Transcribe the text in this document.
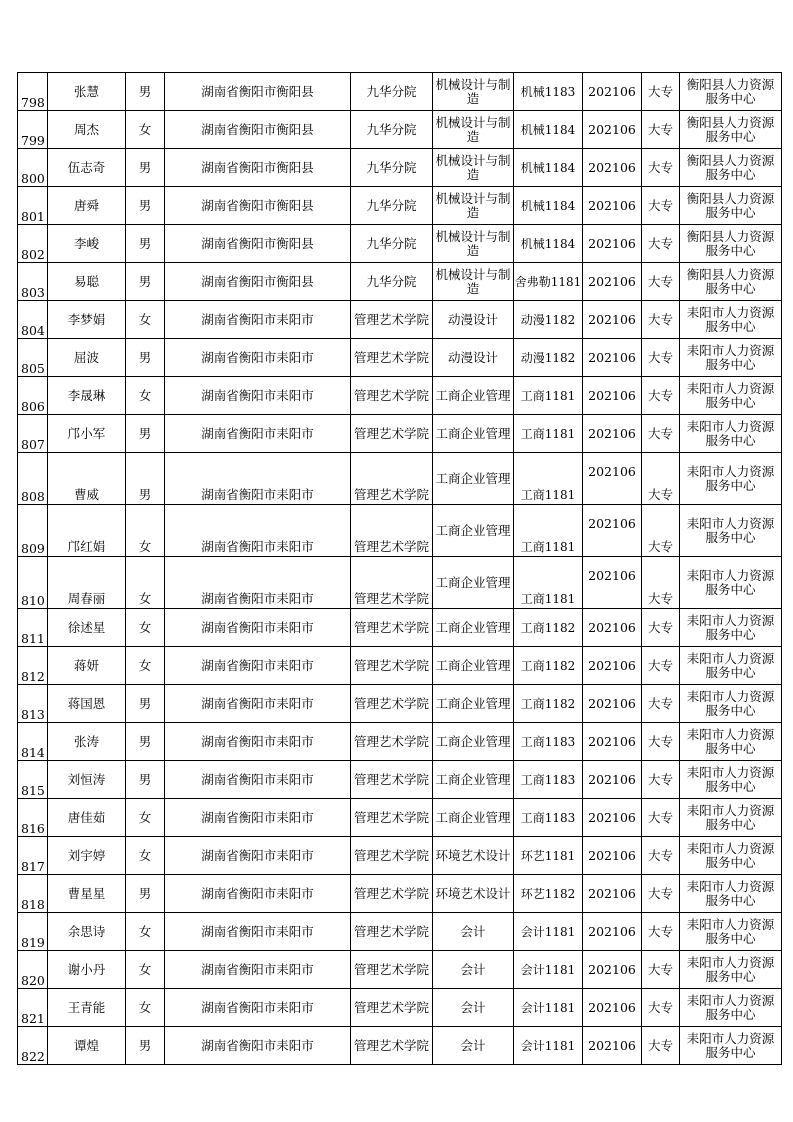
798	张慧	男	湖南省衡阳市衡阳县	九华分院	机械设计与制造	机械1183	202106	大专	衡阳县人力资源服务中心
799	周杰	女	湖南省衡阳市衡阳县	九华分院	机械设计与制造	机械1184	202106	大专	衡阳县人力资源服务中心
800	伍志奇	男	湖南省衡阳市衡阳县	九华分院	机械设计与制造	机械1184	202106	大专	衡阳县人力资源服务中心
801	唐舜	男	湖南省衡阳市衡阳县	九华分院	机械设计与制造	机械1184	202106	大专	衡阳县人力资源服务中心
802	李峻	男	湖南省衡阳市衡阳县	九华分院	机械设计与制造	机械1184	202106	大专	衡阳县人力资源服务中心
803	易聪	男	湖南省衡阳市衡阳县	九华分院	机械设计与制造	舍弗勒1181	202106	大专	衡阳县人力资源服务中心
804	李梦娟	女	湖南省衡阳市耒阳市	管理艺术学院	动漫设计	动漫1182	202106	大专	耒阳市人力资源服务中心
805	屈波	男	湖南省衡阳市耒阳市	管理艺术学院	动漫设计	动漫1182	202106	大专	耒阳市人力资源服务中心
806	李晟琳	女	湖南省衡阳市耒阳市	管理艺术学院	工商企业管理	工商1181	202106	大专	耒阳市人力资源服务中心
807	邝小军	男	湖南省衡阳市耒阳市	管理艺术学院	工商企业管理	工商1181	202106	大专	耒阳市人力资源服务中心
808	曹威	男	湖南省衡阳市耒阳市	管理艺术学院	工商企业管理	工商1181	202106	大专	耒阳市人力资源服务中心
809	邝红娟	女	湖南省衡阳市耒阳市	管理艺术学院	工商企业管理	工商1181	202106	大专	耒阳市人力资源服务中心
810	周春丽	女	湖南省衡阳市耒阳市	管理艺术学院	工商企业管理	工商1181	202106	大专	耒阳市人力资源服务中心
811	徐述星	女	湖南省衡阳市耒阳市	管理艺术学院	工商企业管理	工商1182	202106	大专	耒阳市人力资源服务中心
812	蒋妍	女	湖南省衡阳市耒阳市	管理艺术学院	工商企业管理	工商1182	202106	大专	耒阳市人力资源服务中心
813	蒋国恩	男	湖南省衡阳市耒阳市	管理艺术学院	工商企业管理	工商1182	202106	大专	耒阳市人力资源服务中心
814	张涛	男	湖南省衡阳市耒阳市	管理艺术学院	工商企业管理	工商1183	202106	大专	耒阳市人力资源服务中心
815	刘恒涛	男	湖南省衡阳市耒阳市	管理艺术学院	工商企业管理	工商1183	202106	大专	耒阳市人力资源服务中心
816	唐佳茹	女	湖南省衡阳市耒阳市	管理艺术学院	工商企业管理	工商1183	202106	大专	耒阳市人力资源服务中心
817	刘宇婷	女	湖南省衡阳市耒阳市	管理艺术学院	环境艺术设计	环艺1181	202106	大专	耒阳市人力资源服务中心
818	曹星星	男	湖南省衡阳市耒阳市	管理艺术学院	环境艺术设计	环艺1182	202106	大专	耒阳市人力资源服务中心
819	余思诗	女	湖南省衡阳市耒阳市	管理艺术学院	会计	会计1181	202106	大专	耒阳市人力资源服务中心
820	谢小丹	女	湖南省衡阳市耒阳市	管理艺术学院	会计	会计1181	202106	大专	耒阳市人力资源服务中心
821	王青能	女	湖南省衡阳市耒阳市	管理艺术学院	会计	会计1181	202106	大专	耒阳市人力资源服务中心
822	谭煌	男	湖南省衡阳市耒阳市	管理艺术学院	会计	会计1181	202106	大专	耒阳市人力资源服务中心
